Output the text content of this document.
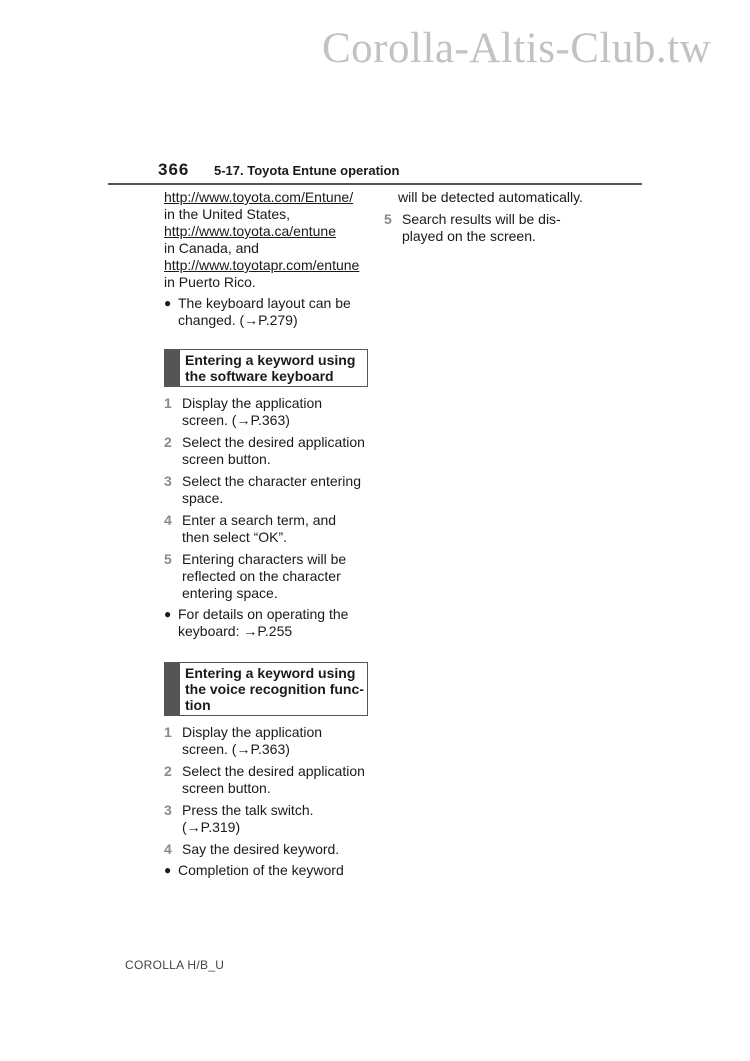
Corolla-Altis-Club.tw
366 5-17. Toyota Entune operation
http://www.toyota.com/Entune/
in the United States,
http://www.toyota.ca/entune
in Canada, and
http://www.toyotapr.com/entune
in Puerto Rico.
● The keyboard layout can be
changed. (→P.279)
Entering a keyword using
the software keyboard
1 Display the application
screen. (→P.363)
2 Select the desired application
screen button.
3 Select the character entering
space.
4 Enter a search term, and
then select “OK”.
5 Entering characters will be
reflected on the character
entering space.
● For details on operating the
keyboard: →P.255
Entering a keyword using
the voice recognition func-
tion
1 Display the application
screen. (→P.363)
2 Select the desired application
screen button.
3 Press the talk switch.
(→P.319)
4 Say the desired keyword.
● Completion of the keyword
will be detected automatically.
5 Search results will be dis-
played on the screen.
COROLLA H/B_U
